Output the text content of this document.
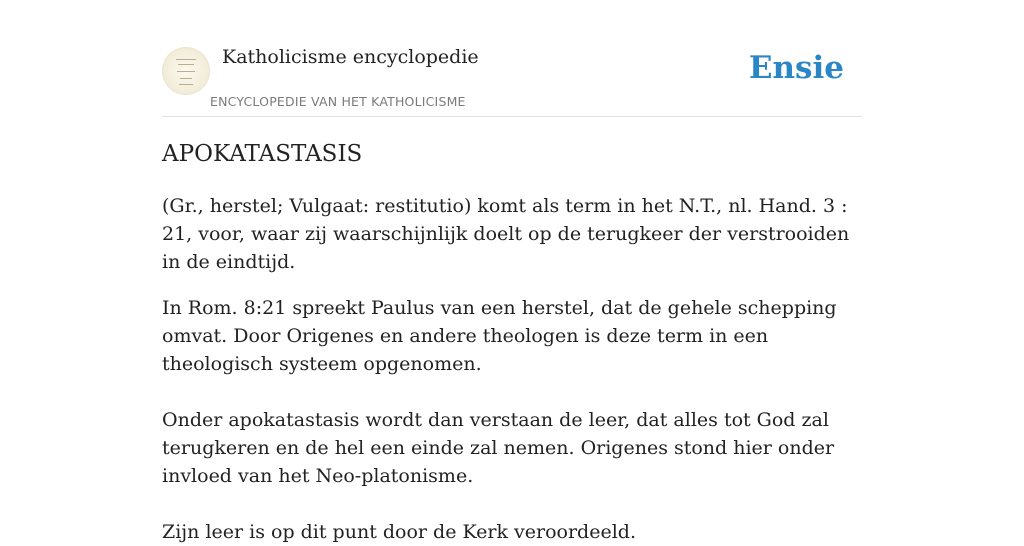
Katholicisme encyclopedie
ENCYCLOPEDIE VAN HET KATHOLICISME
Ensie
APOKATASTASIS

(Gr., herstel; Vulgaat: restitutio) komt als term in het N.T., nl. Hand. 3 : 21, voor, waar zij waarschijnlijk doelt op de terugkeer der verstrooiden in de eindtijd.

In Rom. 8:21 spreekt Paulus van een herstel, dat de gehele schepping omvat. Door Origenes en andere theologen is deze term in een theologisch systeem opgenomen.

Onder apokatastasis wordt dan verstaan de leer, dat alles tot God zal terugkeren en de hel een einde zal nemen. Origenes stond hier onder invloed van het Neo-platonisme.

Zijn leer is op dit punt door de Kerk veroordeeld.
